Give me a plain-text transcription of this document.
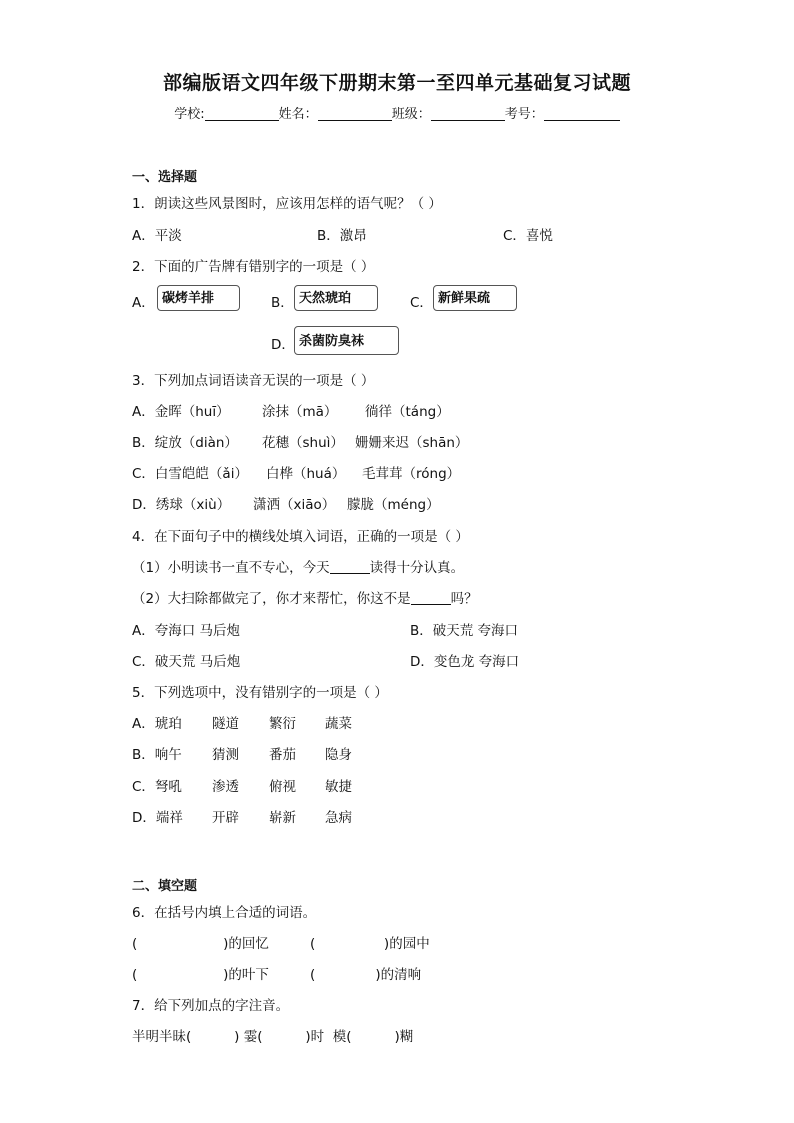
部编版语文四年级下册期末第一至四单元基础复习试题
学校:	姓名：	班级：	考号：
一、选择题
1．朗读这些风景图时，应该用怎样的语气呢？（ ）
A．平淡	B．激昂	C．喜悦
2．下面的广告牌有错别字的一项是（ ）
A． 碳烤羊排	B． 天然琥珀	C． 新鲜果疏
D． 杀菌防臭袜
3．下列加点词语读音无误的一项是（ ）
A．金晖（huī） 涂抹（mā） 徜徉（táng）
B．绽放（diàn） 花穗（shuì） 姗姗来迟（shān）
C．白雪皑皑（ǎi） 白桦（huá） 毛茸茸（róng）
D．绣球（xiù） 潇洒（xiāo） 朦胧（méng）
4．在下面句子中的横线处填入词语，正确的一项是（ ）
（1）小明读书一直不专心，今天	读得十分认真。
（2）大扫除都做完了，你才来帮忙，你这不是	吗？
A．夸海口 马后炮	B．破天荒 夸海口
C．破天荒 马后炮	D．变色龙 夸海口
5．下列选项中，没有错别字的一项是（ ）
A．琥珀 隧道 繁衍 蔬菜
B．响午 猜测 番茄 隐身
C．弩吼 渗透 俯视 敏捷
D．端祥 开辟 崭新 急病
二、填空题
6．在括号内填上合适的词语。
(                    )的回忆	(                )的园中
(                    )的叶下	(              )的清响
7．给下列加点的字注音。
半明半昧(          ) 霎(          )时  模(          )糊
